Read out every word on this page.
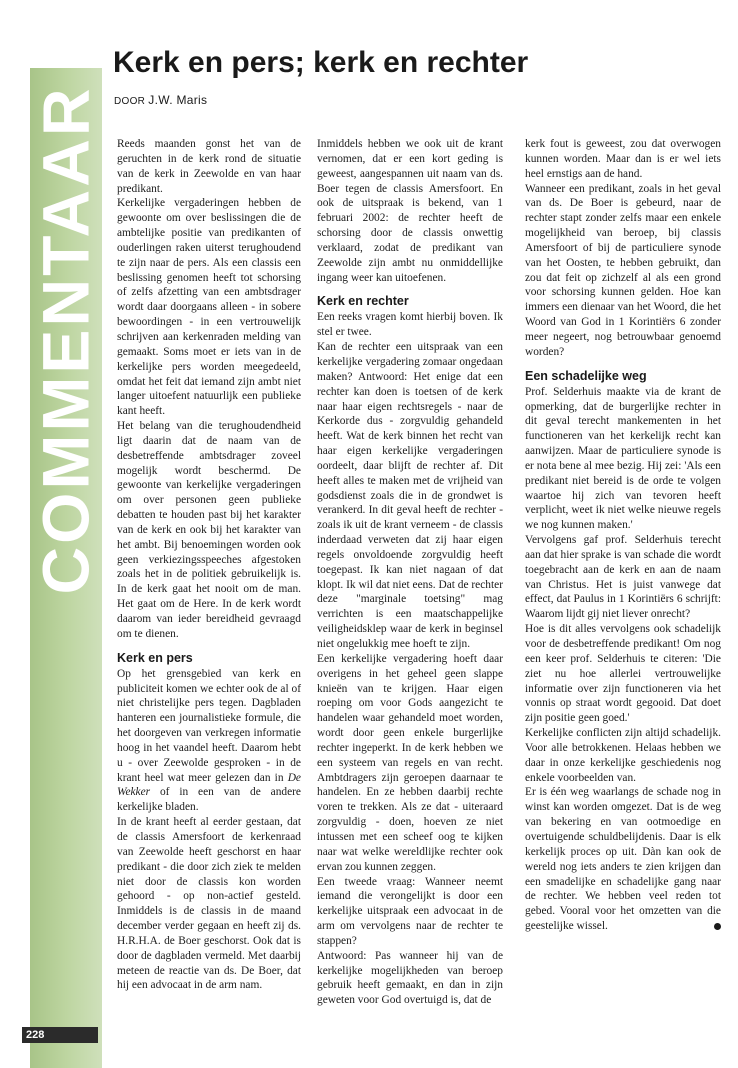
COMMENTAAR
Kerk en pers; kerk en rechter
DOOR J.W. Maris

Reeds maanden gonst het van de geruchten in de kerk rond de situatie van de kerk in Zeewolde en van haar predikant.

Kerkelijke vergaderingen hebben de gewoonte om over beslissingen die de ambtelijke positie van predikanten of ouderlingen raken uiterst terughoudend te zijn naar de pers. Als een classis een beslissing genomen heeft tot schorsing of zelfs afzetting van een ambtsdrager wordt daar doorgaans alleen - in sobere bewoordingen - in een vertrouwelijk schrijven aan kerkenraden melding van gemaakt. Soms moet er iets van in de kerkelijke pers worden meegedeeld, omdat het feit dat iemand zijn ambt niet langer uitoefent natuurlijk een publieke kant heeft.

Het belang van die terughoudendheid ligt daarin dat de naam van de desbetreffende ambtsdrager zoveel mogelijk wordt beschermd. De gewoonte van kerkelijke vergaderingen om over personen geen publieke debatten te houden past bij het karakter van de kerk en ook bij het karakter van het ambt. Bij benoemingen worden ook geen verkiezingsspeeches afgestoken zoals het in de politiek gebruikelijk is. In de kerk gaat het nooit om de man. Het gaat om de Here. In de kerk wordt daarom van ieder bereidheid gevraagd om te dienen.

Kerk en pers

Op het grensgebied van kerk en publiciteit komen we echter ook de al of niet christelijke pers tegen. Dagbladen hanteren een journalistieke formule, die het doorgeven van verkregen informatie hoog in het vaandel heeft. Daarom hebt u - over Zeewolde gesproken - in de krant heel wat meer gelezen dan in De Wekker of in een van de andere kerkelijke bladen.

In de krant heeft al eerder gestaan, dat de classis Amersfoort de kerkenraad van Zeewolde heeft geschorst en haar predikant - die door zich ziek te melden niet door de classis kon worden gehoord - op non-actief gesteld. Inmiddels is de classis in de maand december verder gegaan en heeft zij ds. H.R.H.A. de Boer geschorst. Ook dat is door de dagbladen vermeld. Met daarbij meteen de reactie van ds. De Boer, dat hij een advocaat in de arm nam.

Inmiddels hebben we ook uit de krant vernomen, dat er een kort geding is geweest, aangespannen uit naam van ds. Boer tegen de classis Amersfoort. En ook de uitspraak is bekend, van 1 februari 2002: de rechter heeft de schorsing door de classis onwettig verklaard, zodat de predikant van Zeewolde zijn ambt nu onmiddellijke ingang weer kan uitoefenen.

Kerk en rechter

Een reeks vragen komt hierbij boven. Ik stel er twee.

Kan de rechter een uitspraak van een kerkelijke vergadering zomaar ongedaan maken? Antwoord: Het enige dat een rechter kan doen is toetsen of de kerk naar haar eigen rechtsregels - naar de Kerkorde dus - zorgvuldig gehandeld heeft. Wat de kerk binnen het recht van haar eigen kerkelijke vergaderingen oordeelt, daar blijft de rechter af. Dit heeft alles te maken met de vrijheid van godsdienst zoals die in de grondwet is verankerd. In dit geval heeft de rechter - zoals ik uit de krant verneem - de classis inderdaad verweten dat zij haar eigen regels onvoldoende zorgvuldig heeft toegepast. Ik kan niet nagaan of dat klopt. Ik wil dat niet eens. Dat de rechter deze "marginale toetsing" mag verrichten is een maatschappelijke veiligheidsklep waar de kerk in beginsel niet ongelukkig mee hoeft te zijn.

Een kerkelijke vergadering hoeft daar overigens in het geheel geen slappe knieën van te krijgen. Haar eigen roeping om voor Gods aangezicht te handelen waar gehandeld moet worden, wordt door geen enkele burgerlijke rechter ingeperkt. In de kerk hebben we een systeem van regels en van recht. Ambtdragers zijn geroepen daarnaar te handelen. En ze hebben daarbij rechte voren te trekken. Als ze dat - uiteraard zorgvuldig - doen, hoeven ze niet intussen met een scheef oog te kijken naar wat welke wereldlijke rechter ook ervan zou kunnen zeggen.

Een tweede vraag: Wanneer neemt iemand die verongelijkt is door een kerkelijke uitspraak een advocaat in de arm om vervolgens naar de rechter te stappen?

Antwoord: Pas wanneer hij van de kerkelijke mogelijkheden van beroep gebruik heeft gemaakt, en dan in zijn geweten voor God overtuigd is, dat de

kerk fout is geweest, zou dat overwogen kunnen worden. Maar dan is er wel iets heel ernstigs aan de hand.

Wanneer een predikant, zoals in het geval van ds. De Boer is gebeurd, naar de rechter stapt zonder zelfs maar een enkele mogelijkheid van beroep, bij classis Amersfoort of bij de particuliere synode van het Oosten, te hebben gebruikt, dan zou dat feit op zichzelf al als een grond voor schorsing kunnen gelden. Hoe kan immers een dienaar van het Woord, die het Woord van God in 1 Korintiërs 6 zonder meer negeert, nog betrouwbaar genoemd worden?

Een schadelijke weg

Prof. Selderhuis maakte via de krant de opmerking, dat de burgerlijke rechter in dit geval terecht mankementen in het functioneren van het kerkelijk recht kan aanwijzen. Maar de particuliere synode is er nota bene al mee bezig. Hij zei: 'Als een predikant niet bereid is de orde te volgen waartoe hij zich van tevoren heeft verplicht, weet ik niet welke nieuwe regels we nog kunnen maken.'

Vervolgens gaf prof. Selderhuis terecht aan dat hier sprake is van schade die wordt toegebracht aan de kerk en aan de naam van Christus. Het is juist vanwege dat effect, dat Paulus in 1 Korintiërs 6 schrijft: Waarom lijdt gij niet liever onrecht?

Hoe is dit alles vervolgens ook schadelijk voor de desbetreffende predikant! Om nog een keer prof. Selderhuis te citeren: 'Die ziet nu hoe allerlei vertrouwelijke informatie over zijn functioneren via het vonnis op straat wordt gegooid. Dat doet zijn positie geen goed.'

Kerkelijke conflicten zijn altijd schadelijk. Voor alle betrokkenen. Helaas hebben we daar in onze kerkelijke geschiedenis nog enkele voorbeelden van.

Er is één weg waarlangs de schade nog in winst kan worden omgezet. Dat is de weg van bekering en van ootmoedige en overtuigende schuldbelijdenis. Daar is elk kerkelijk proces op uit. Dàn kan ook de wereld nog iets anders te zien krijgen dan een smadelijke en schadelijke gang naar de rechter. We hebben veel reden tot gebed. Vooral voor het omzetten van die geestelijke wissel.

228
